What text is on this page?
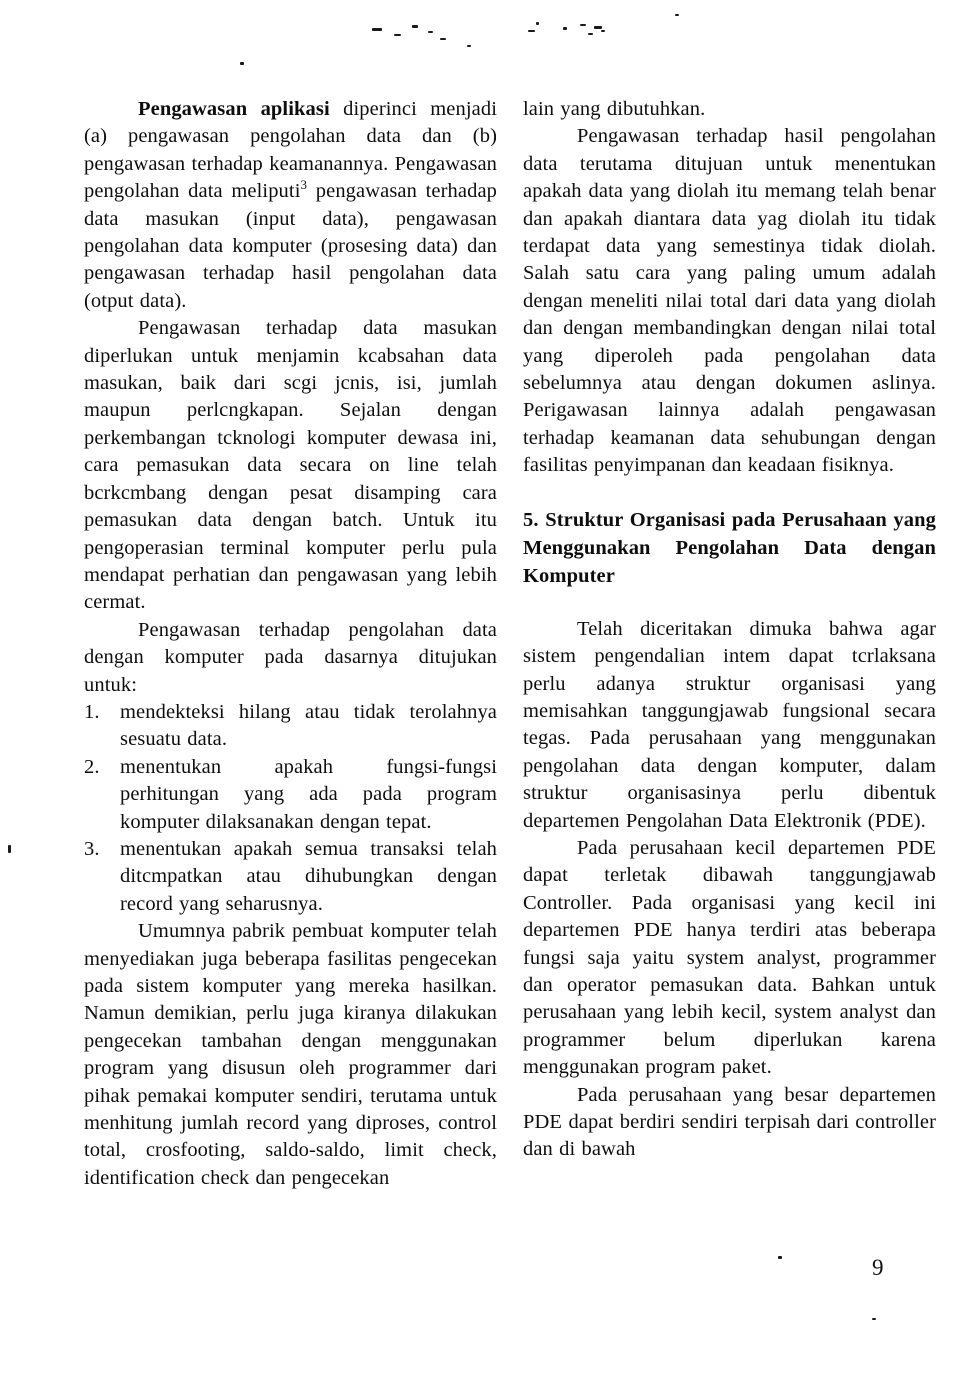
Pengawasan aplikasi diperinci menjadi (a) pengawasan pengolahan data dan (b) pengawasan terhadap keamanannya. Pengawasan pengolahan data meliputi$^3$ pengawasan terhadap data masukan (input data), pengawasan pengolahan data komputer (prosesing data) dan pengawasan terhadap hasil pengolahan data (otput data).

Pengawasan terhadap data masukan diperlukan untuk menjamin kcabsahan data masukan, baik dari scgi jcnis, isi, jumlah maupun perlcngkapan. Sejalan dengan perkembangan tcknologi komputer dewasa ini, cara pemasukan data secara on line telah bcrkcmbang dengan pesat disamping cara pemasukan data dengan batch. Untuk itu pengoperasian terminal komputer perlu pula mendapat perhatian dan pengawasan yang lebih cermat.

Pengawasan terhadap pengolahan data dengan komputer pada dasarnya ditujukan untuk:

1. mendekteksi hilang atau tidak terolahnya sesuatu data.
2. menentukan apakah fungsi-fungsi perhitungan yang ada pada program komputer dilaksanakan dengan tepat.
3. menentukan apakah semua transaksi telah ditcmpatkan atau dihubungkan dengan record yang seharusnya.

Umumnya pabrik pembuat komputer telah menyediakan juga beberapa fasilitas pengecekan pada sistem komputer yang mereka hasilkan. Namun demikian, perlu juga kiranya dilakukan pengecekan tambahan dengan menggunakan program yang disusun oleh programmer dari pihak pemakai komputer sendiri, terutama untuk menhitung jumlah record yang diproses, control total, crosfooting, saldo-saldo, limit check, identification check dan pengecekan

lain yang dibutuhkan.

Pengawasan terhadap hasil pengolahan data terutama ditujuan untuk menentukan apakah data yang diolah itu memang telah benar dan apakah diantara data yag diolah itu tidak terdapat data yang semestinya tidak diolah. Salah satu cara yang paling umum adalah dengan meneliti nilai total dari data yang diolah dan dengan membandingkan dengan nilai total yang diperoleh pada pengolahan data sebelumnya atau dengan dokumen aslinya. Perigawasan lainnya adalah pengawasan terhadap keamanan data sehubungan dengan fasilitas penyimpanan dan keadaan fisiknya.

5. Struktur Organisasi pada Perusahaan yang Menggunakan Pengolahan Data dengan Komputer

Telah diceritakan dimuka bahwa agar sistem pengendalian intem dapat tcrlaksana perlu adanya struktur organisasi yang memisahkan tanggungjawab fungsional secara tegas. Pada perusahaan yang menggunakan pengolahan data dengan komputer, dalam struktur organisasinya perlu dibentuk departemen Pengolahan Data Elektronik (PDE).

Pada perusahaan kecil departemen PDE dapat terletak dibawah tanggungjawab Controller. Pada organisasi yang kecil ini departemen PDE hanya terdiri atas beberapa fungsi saja yaitu system analyst, programmer dan operator pemasukan data. Bahkan untuk perusahaan yang lebih kecil, system analyst dan programmer belum diperlukan karena menggunakan program paket.

Pada perusahaan yang besar departemen PDE dapat berdiri sendiri terpisah dari controller dan di bawah

9
